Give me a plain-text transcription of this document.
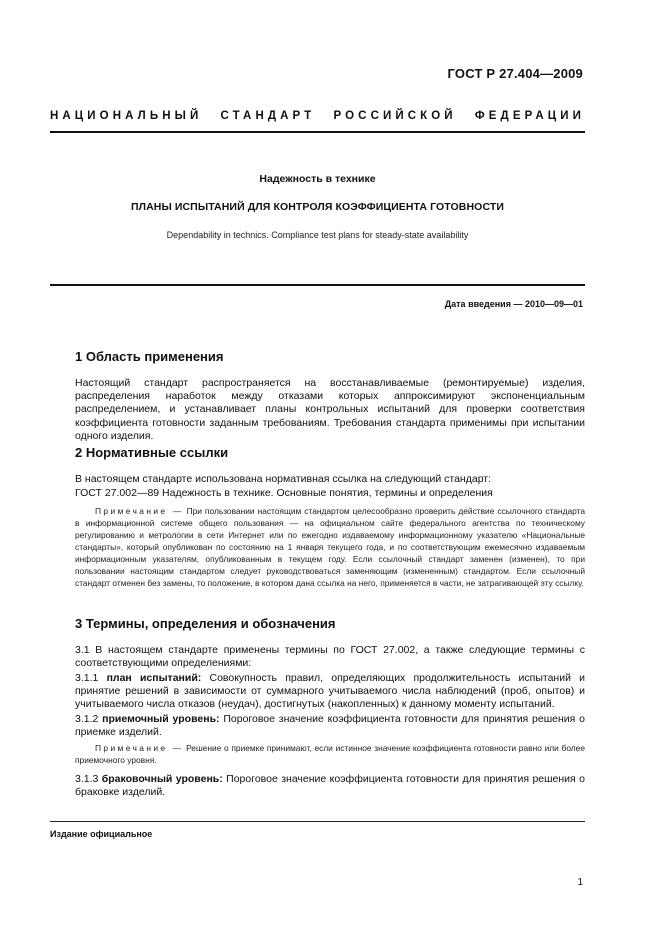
ГОСТ Р 27.404—2009
НАЦИОНАЛЬНЫЙ СТАНДАРТ РОССИЙСКОЙ ФЕДЕРАЦИИ
Надежность в технике
ПЛАНЫ ИСПЫТАНИЙ ДЛЯ КОНТРОЛЯ КОЭФФИЦИЕНТА ГОТОВНОСТИ
Dependability in technics. Compliance test plans for steady-state availability
Дата введения — 2010—09—01
1 Область применения

Настоящий стандарт распространяется на восстанавливаемые (ремонтируемые) изделия, распределения наработок между отказами которых аппроксимируют экспоненциальным распределением, и устанавливает планы контрольных испытаний для проверки соответствия коэффициента готовности заданным требованиям. Требования стандарта применимы при испытании одного изделия.

2 Нормативные ссылки

В настоящем стандарте использована нормативная ссылка на следующий стандарт:

ГОСТ 27.002—89 Надежность в технике. Основные понятия, термины и определения

Примечание — При пользовании настоящим стандартом целесообразно проверить действие ссылочного стандарта в информационной системе общего пользования — на официальном сайте федерального агентства по техническому регулированию и метрологии в сети Интернет или по ежегодно издаваемому информационному указателю «Национальные стандарты», который опубликован по состоянию на 1 января текущего года, и по соответствующим ежемесячно издаваемым информационным указателям, опубликованным в текущем году. Если ссылочный стандарт заменен (изменен), то при пользовании настоящим стандартом следует руководствоваться заменяющим (измененным) стандартом. Если ссылочный стандарт отменен без замены, то положение, в котором дана ссылка на него, применяется в части, не затрагивающей эту ссылку.

3 Термины, определения и обозначения

3.1 В настоящем стандарте применены термины по ГОСТ 27.002, а также следующие термины с соответствующими определениями:

3.1.1 план испытаний: Совокупность правил, определяющих продолжительность испытаний и принятие решений в зависимости от суммарного учитываемого числа наблюдений (проб, опытов) и учитываемого числа отказов (неудач), достигнутых (накопленных) к данному моменту испытаний.

3.1.2 приемочный уровень: Пороговое значение коэффициента готовности для принятия решения о приемке изделий.

Примечание — Решение о приемке принимают, если истинное значение коэффициента готовности равно или более приемочного уровня.

3.1.3 браковочный уровень: Пороговое значение коэффициента готовности для принятия решения о браковке изделий.

Издание официальное
1
